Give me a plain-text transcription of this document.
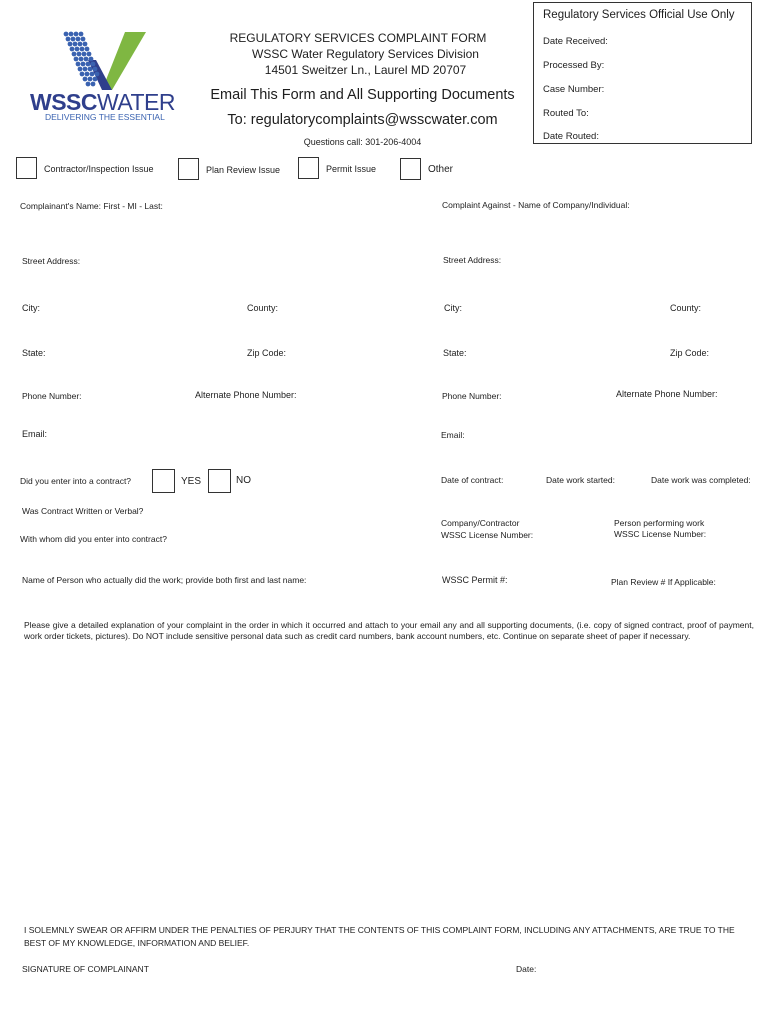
WSSCWATER
DELIVERING THE ESSENTIAL
REGULATORY SERVICES COMPLAINT FORM
WSSC Water Regulatory Services Division
14501 Sweitzer Ln., Laurel MD 20707
Email This Form and All Supporting Documents
To: regulatorycomplaints@wsscwater.com
Questions call: 301-206-4004
Regulatory Services Official Use Only
Date Received:
Processed By:
Case Number:
Routed To:
Date Routed:
Contractor/Inspection Issue	Plan Review Issue	Permit Issue	Other
Complainant's Name: First - MI - Last:
Street Address:
City:	County:
State:	Zip Code:
Phone Number:	Alternate Phone Number:
Email:
Did you enter into a contract?	YES	NO
Was Contract Written or Verbal?
With whom did you enter into contract?
Name of Person who actually did the work; provide both first and last name:
Complaint Against - Name of Company/Individual:
Street Address:
City:	County:
State:	Zip Code:
Phone Number:	Alternate Phone Number:
Email:
Date of contract:	Date work started:	Date work was completed:
Company/Contractor
WSSC License Number:
Person performing work
WSSC License Number:
WSSC Permit #:	Plan Review # If Applicable:
Please give a detailed explanation of your complaint in the order in which it occurred and attach to your email any and all supporting documents, (i.e. copy of signed contract, proof of payment, work order tickets, pictures). Do NOT include sensitive personal data such as credit card numbers, bank account numbers, etc. Continue on separate sheet of paper if necessary.
I SOLEMNLY SWEAR OR AFFIRM UNDER THE PENALTIES OF PERJURY THAT THE CONTENTS OF THIS COMPLAINT FORM, INCLUDING ANY ATTACHMENTS, ARE TRUE TO THE BEST OF MY KNOWLEDGE, INFORMATION AND BELIEF.
SIGNATURE OF COMPLAINANT	Date:
